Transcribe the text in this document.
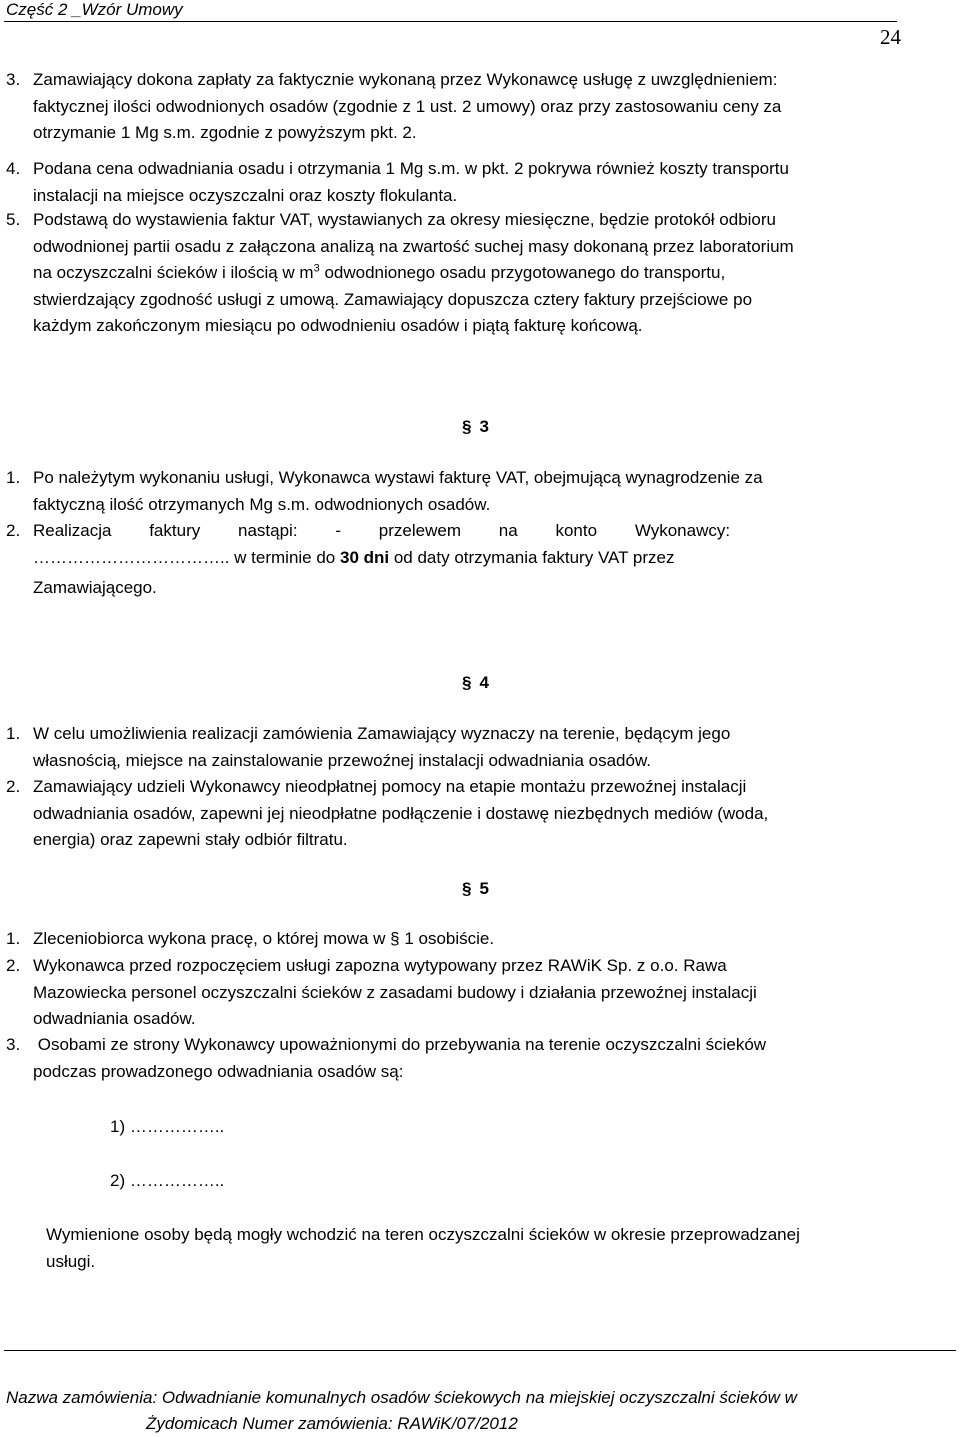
Część 2 _Wzór Umowy
24
3. Zamawiający dokona zapłaty za faktycznie wykonaną przez Wykonawcę usługę z uwzględnieniem:
faktycznej ilości odwodnionych osadów (zgodnie z 1 ust. 2 umowy) oraz przy zastosowaniu ceny za
otrzymanie 1 Mg s.m. zgodnie z powyższym pkt. 2.
4. Podana cena odwadniania osadu i otrzymania 1 Mg s.m. w pkt. 2 pokrywa również koszty transportu
instalacji na miejsce oczyszczalni oraz koszty flokulanta.
5. Podstawą do wystawienia faktur VAT, wystawianych za okresy miesięczne, będzie protokół odbioru
odwodnionej partii osadu z załączona analizą na zwartość suchej masy dokonaną przez laboratorium
na oczyszczalni ścieków i ilością w $m^3$ odwodnionego osadu przygotowanego do transportu,
stwierdzający zgodność usługi z umową. Zamawiający dopuszcza cztery faktury przejściowe po
każdym zakończonym miesiącu po odwodnieniu osadów i piątą fakturę końcową.
§ 3
1. Po należytym wykonaniu usługi, Wykonawca wystawi fakturę VAT, obejmującą wynagrodzenie za
faktyczną ilość otrzymanych Mg s.m. odwodnionych osadów.
2. Realizacja        faktury        nastąpi:        -        przelewem        na        konto        Wykonawcy:
…………………………….. w terminie do 30 dni od daty otrzymania faktury VAT przez
Zamawiającego.
§ 4
1. W celu umożliwienia realizacji zamówienia Zamawiający wyznaczy na terenie, będącym jego
własnością, miejsce na zainstalowanie przewoźnej instalacji odwadniania osadów.
2. Zamawiający udzieli Wykonawcy nieodpłatnej pomocy na etapie montażu przewoźnej instalacji
odwadniania osadów, zapewni jej nieodpłatne podłączenie i dostawę niezbędnych mediów (woda,
energia) oraz zapewni stały odbiór filtratu.
§ 5
1. Zleceniobiorca wykona pracę, o której mowa w § 1 osobiście.
2. Wykonawca przed rozpoczęciem usługi zapozna wytypowany przez RAWiK Sp. z o.o. Rawa
Mazowiecka personel oczyszczalni ścieków z zasadami budowy i działania przewoźnej instalacji
odwadniania osadów.
3. Osobami ze strony Wykonawcy upoważnionymi do przebywania na terenie oczyszczalni ścieków
podczas prowadzonego odwadniania osadów są:
1) ……………..
2) ……………..
Wymienione osoby będą mogły wchodzić na teren oczyszczalni ścieków w okresie przeprowadzanej
usługi.
Nazwa zamówienia: Odwadnianie komunalnych osadów ściekowych na miejskiej oczyszczalni ścieków w
Żydomicach Numer zamówienia: RAWiK/07/2012
